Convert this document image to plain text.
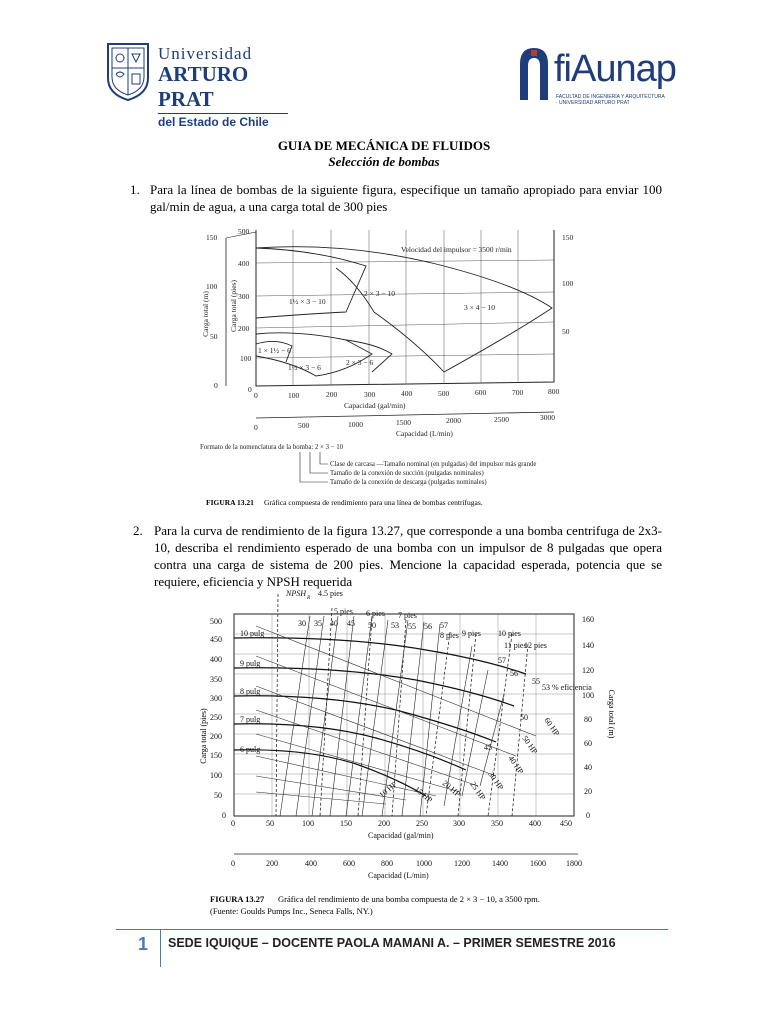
Universidad
ARTURO PRAT
del Estado de Chile
fiAunap
FACULTAD DE INGENIERÍA Y ARQUITECTURA · UNIVERSIDAD ARTURO PRAT
GUIA DE MECÁNICA DE FLUIDOS
Selección de bombas
1. Para la línea de bombas de la siguiente figura, especifique un tamaño apropiado para enviar 100 gal/min de agua, a una carga total de 300 pies
Carga total (m)	Carga total (pies)
150
100
50
0
500
400
300
200
100
0
150
100
50
Velocidad del impulsor = 3500 r/min
1½ × 3 − 10
2 × 3 − 10
3 × 4 − 10
1 × 1½ − 6
1½ × 3 − 6
2 × 3 − 6
0	100	200	300	400	500	600	700	800
Capacidad (gal/min)
0	500	1000	1500	2000	2500	3000
Capacidad (L/min)
Formato de la nomenclatura de la bomba: 2 × 3 − 10
Clase de carcasa —Tamaño nominal (en pulgadas) del impulsor más grande
Tamaño de la conexión de succión (pulgadas nominales)
Tamaño de la conexión de descarga (pulgadas nominales)
FIGURA 13.21 Gráfica compuesta de rendimiento para una línea de bombas centrífugas.
2. Para la curva de rendimiento de la figura 13.27, que corresponde a una bomba centrifuga de 2x3-10, describa el rendimiento esperado de una bomba con un impulsor de 8 pulgadas que opera contra una carga de sistema de 200 pies. Mencione la capacidad esperada, potencia que se requiere, eficiencia y NPSH requerida
NPSH R 4.5 pies
5 pies 6 pies 7 pies
8 pies 9 pies 10 pies
11 pies
12 pies
30 35 40 45 50 53 55 56 57
57
56
55
53 % eficiencia
50
45
10 pulg
9 pulg
8 pulg
7 pulg
6 pulg
60 HP
50 HP
40 HP
30 HP
25 HP
20 HP
15 HP
10 HP
500
450
400
350
300
250
200
150
100
50
0
160
140
120
100
80
60
40
20
0
Carga total (pies)	Carga total (m)
0	50	100	150	200	250	300	350	400 450
Capacidad (gal/min)
0	200	400	600	800	1000	1200	1400	1600	1800
Capacidad (L/min)
FIGURA 13.27 Gráfica del rendimiento de una bomba compuesta de 2 × 3 − 10, a 3500 rpm.
(Fuente: Goulds Pumps Inc., Seneca Falls, NY.)
1 SEDE IQUIQUE – DOCENTE PAOLA MAMANI A. – PRIMER SEMESTRE 2016
